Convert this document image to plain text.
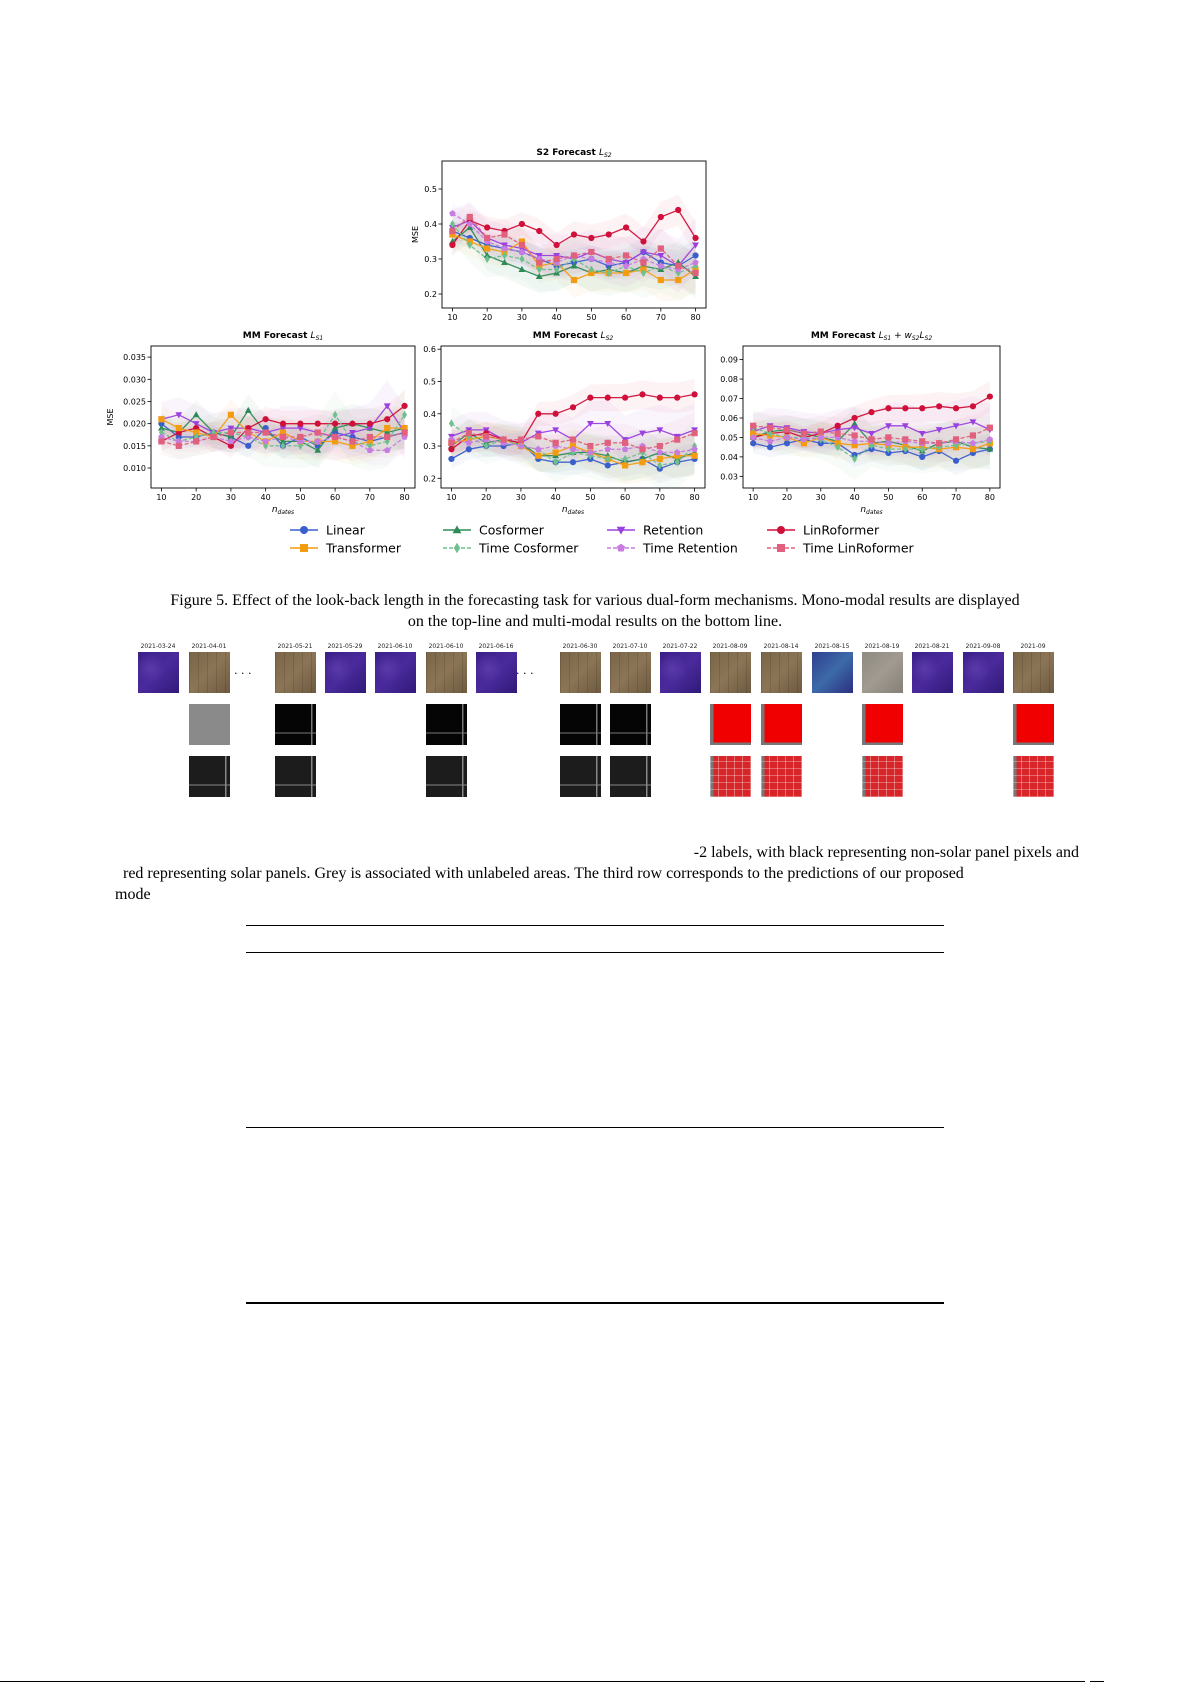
10	20	30	40	50	60	70	80
0.2
0.3
0.4
0.5
MSE
10	20	30	40	50	60	70	80
0.010
0.015
0.020
0.025
0.030
0.035
MSE
$n_{dates}$
10	20	30	40	50	60	70	80
0.2
0.3
0.4
0.5
0.6
$n_{dates}$
10	20	30	40	50	60	70	80
0.03
0.04
0.05
0.06
0.07
0.08
0.09
$n_{dates}$
Linear	Cosformer	Retention	LinRoformer
Transformer	Time Cosformer	Time Retention	Time LinRoformer
Figure 5. Effect of the look-back length in the forecasting task for various dual-form mechanisms. Mono-modal results are displayed
on the top-line and multi-modal results on the bottom line.
2021-03-24	2021-04-01	2021-05-21	2021-05-29	2021-06-10	2021-06-10	2021-06-16	2021-06-30	2021-07-10	2021-07-22	2021-08-09	2021-08-14	2021-08-15	2021-08-19	2021-08-21	2021-09-08	2021-09
. . .	. . .
-2 labels, with black representing non-solar panel pixels and
red representing solar panels. Grey is associated with unlabeled areas. The third row corresponds to the predictions of our proposed
mode
S2 Forecast $L_{S2}$
MM Forecast $L_{S1}$	MM Forecast $L_{S2}$	MM Forecast $L_{S1} + w_{S2}L_{S2}$
